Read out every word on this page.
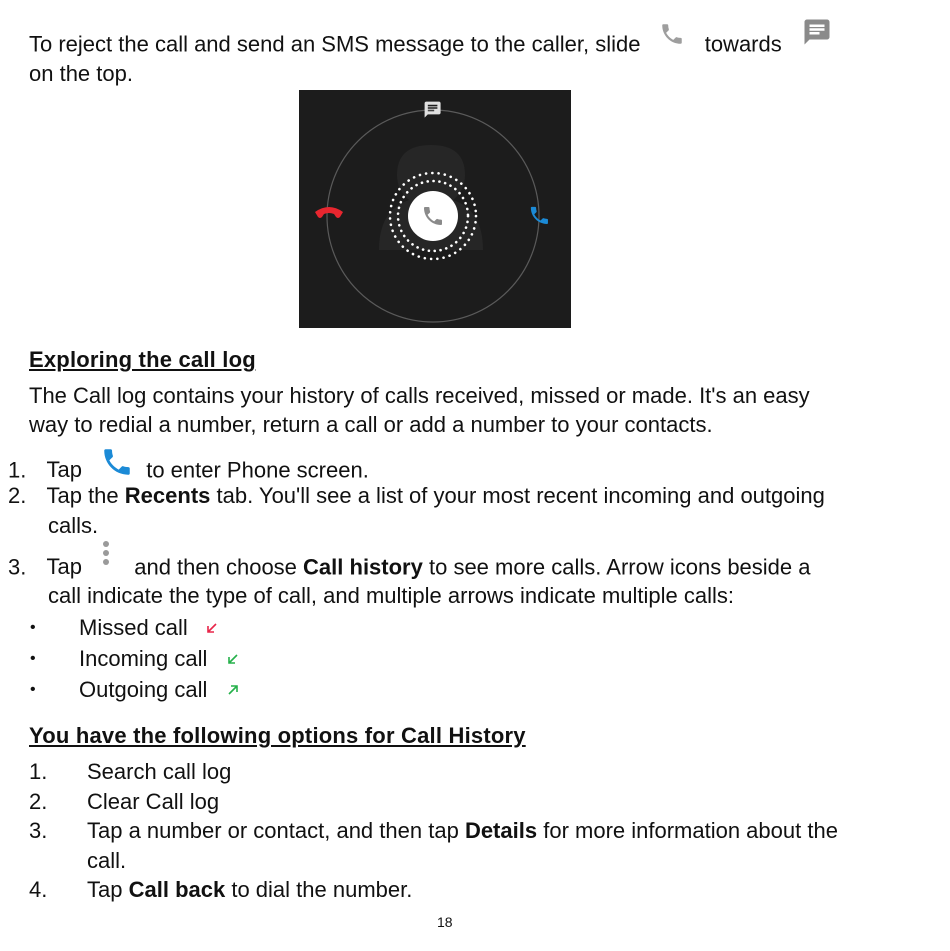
To reject the call and send an SMS message to the caller, slide	towards
on the top.
Exploring the call log
The Call log contains your history of calls received, missed or made. It's an easy
way to redial a number, return a call or add a number to your contacts.
1. Tap	to enter Phone screen.
2. Tap the Recents tab. You'll see a list of your most recent incoming and outgoing
calls.
3. Tap and then choose Call history to see more calls. Arrow icons beside a
call indicate the type of call, and multiple arrows indicate multiple calls:
• Missed call
• Incoming call
• Outgoing call
You have the following options for Call History
1. Search call log
2. Clear Call log
3. Tap a number or contact, and then tap Details for more information about the
call.
4. Tap Call back to dial the number.
18
